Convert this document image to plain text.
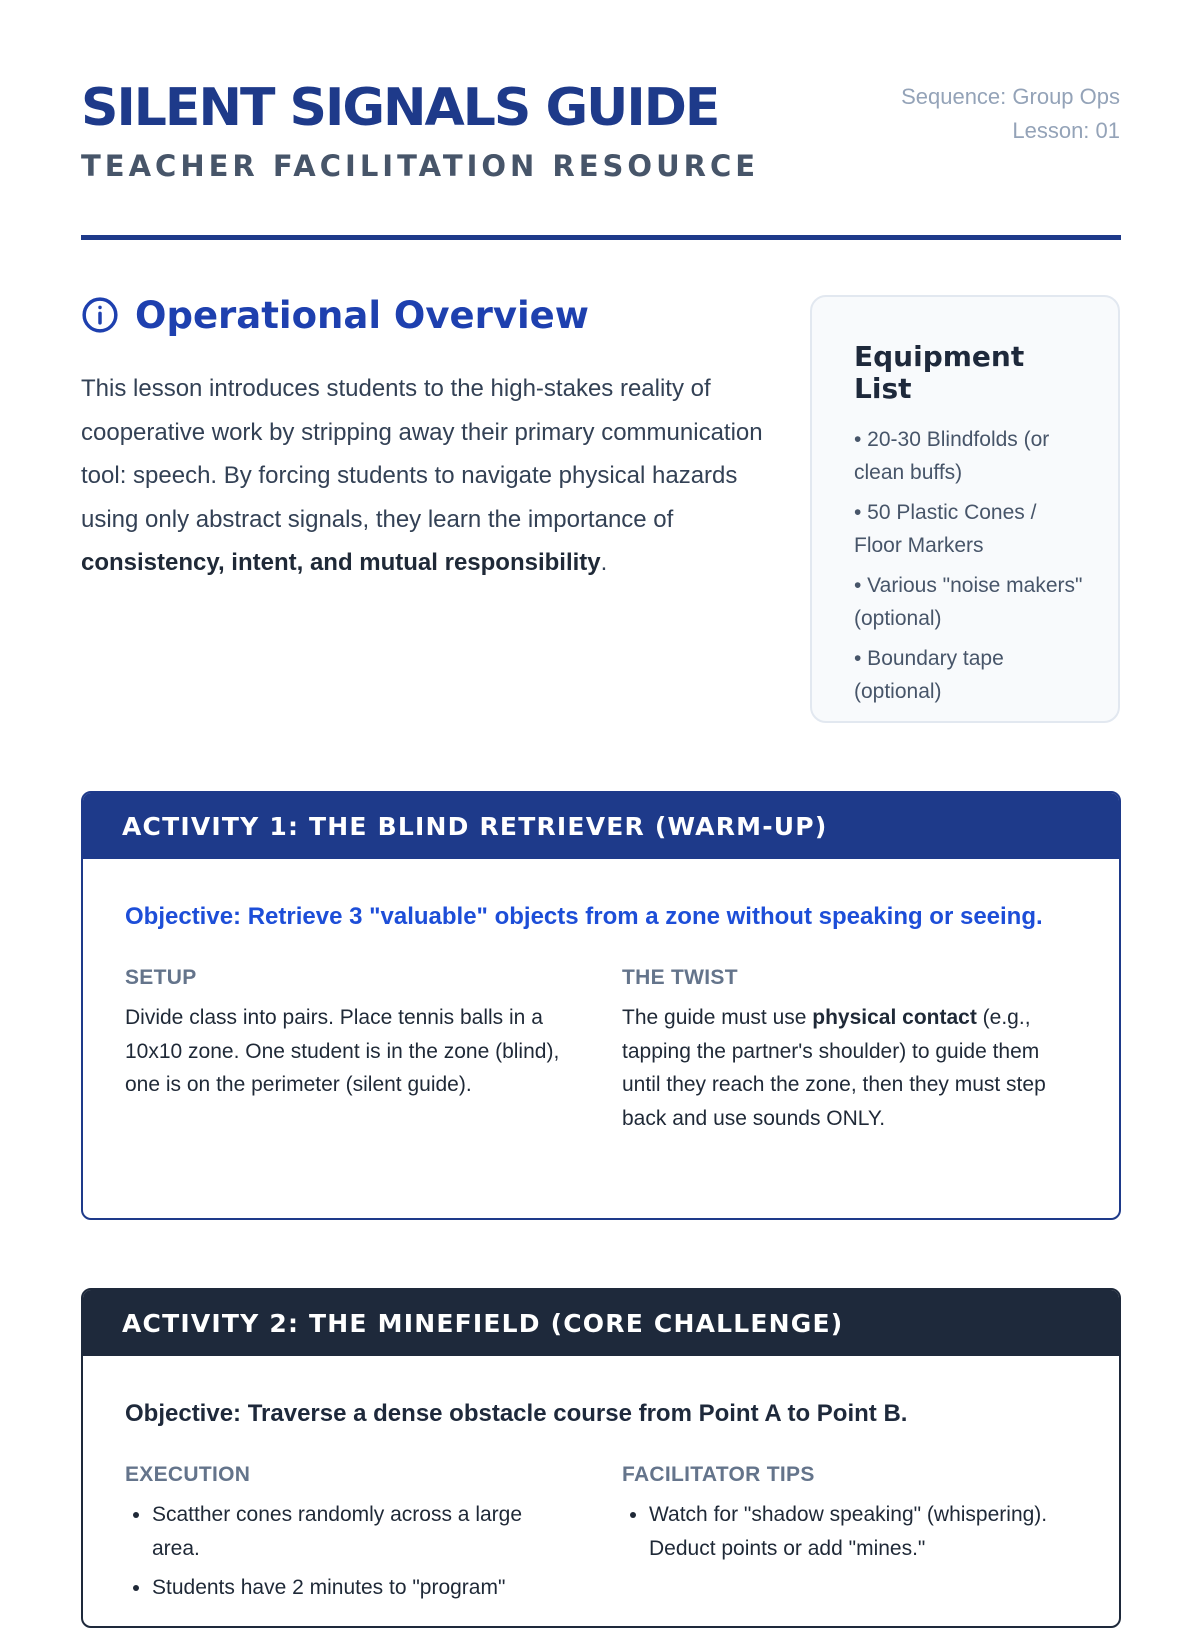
SILENT SIGNALS GUIDE
TEACHER FACILITATION RESOURCE
Sequence: Group Ops
Lesson: 01
Operational Overview
This lesson introduces students to the high-stakes reality of cooperative work by stripping away their primary communication tool: speech. By forcing students to navigate physical hazards using only abstract signals, they learn the importance of consistency, intent, and mutual responsibility.
Equipment List
• 20-30 Blindfolds (or clean buffs)
• 50 Plastic Cones / Floor Markers
• Various "noise makers" (optional)
• Boundary tape (optional)
ACTIVITY 1: THE BLIND RETRIEVER (WARM-UP)

Objective: Retrieve 3 "valuable" objects from a zone without speaking or seeing.

SETUP
Divide class into pairs. Place tennis balls in a 10x10 zone. One student is in the zone (blind), one is on the perimeter (silent guide).
THE TWIST
The guide must use physical contact (e.g., tapping the partner's shoulder) to guide them until they reach the zone, then they must step back and use sounds ONLY.
ACTIVITY 2: THE MINEFIELD (CORE CHALLENGE)

Objective: Traverse a dense obstacle course from Point A to Point B.

EXECUTION
• Scatther cones randomly across a large area.
• Students have 2 minutes to "program"
FACILITATOR TIPS
• Watch for "shadow speaking" (whispering). Deduct points or add "mines."
